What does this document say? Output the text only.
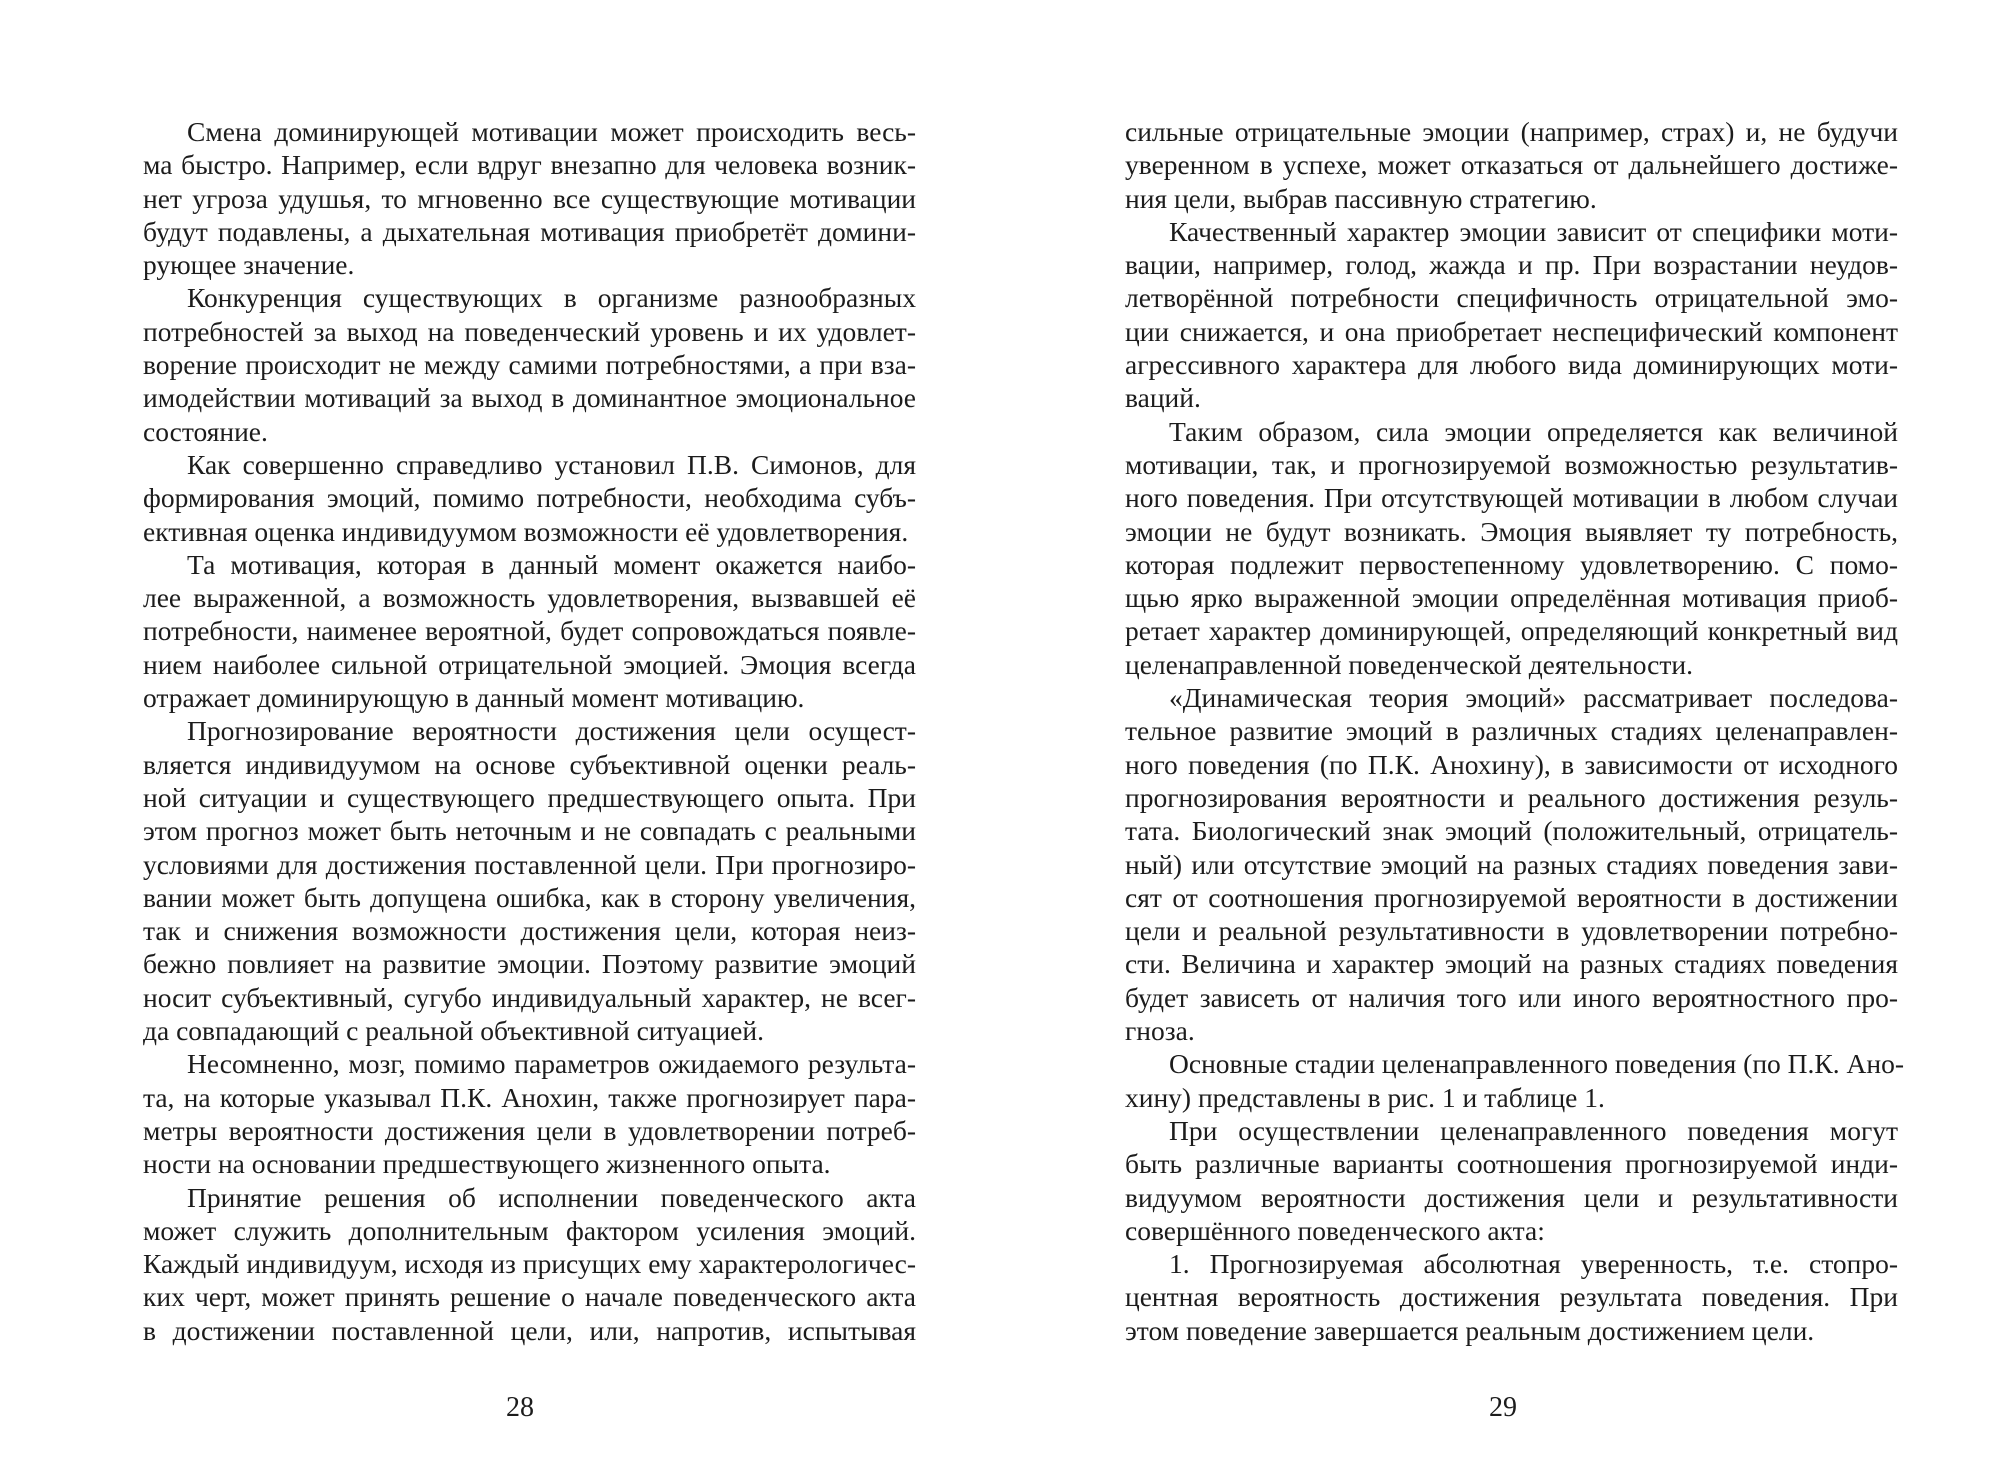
Смена доминирующей мотивации может происходить весь-
ма быстро. Например, если вдруг внезапно для человека возник-
нет угроза удушья, то мгновенно все существующие мотивации
будут подавлены, а дыхательная мотивация приобретёт домини-
рующее значение.

Конкуренция существующих в организме разнообразных
потребностей за выход на поведенческий уровень и их удовлет-
ворение происходит не между самими потребностями, а при вза-
имодействии мотиваций за выход в доминантное эмоциональное
состояние.

Как совершенно справедливо установил П.В. Симонов, для
формирования эмоций, помимо потребности, необходима субъ-
ективная оценка индивидуумом возможности её удовлетворения.

Та мотивация, которая в данный момент окажется наибо-
лее выраженной, а возможность удовлетворения, вызвавшей её
потребности, наименее вероятной, будет сопровождаться появле-
нием наиболее сильной отрицательной эмоцией. Эмоция всегда
отражает доминирующую в данный момент мотивацию.

Прогнозирование вероятности достижения цели осущест-
вляется индивидуумом на основе субъективной оценки реаль-
ной ситуации и существующего предшествующего опыта. При
этом прогноз может быть неточным и не совпадать с реальными
условиями для достижения поставленной цели. При прогнозиро-
вании может быть допущена ошибка, как в сторону увеличения,
так и снижения возможности достижения цели, которая неиз-
бежно повлияет на развитие эмоции. Поэтому развитие эмоций
носит субъективный, сугубо индивидуальный характер, не всег-
да совпадающий с реальной объективной ситуацией.

Несомненно, мозг, помимо параметров ожидаемого результа-
та, на которые указывал П.К. Анохин, также прогнозирует пара-
метры вероятности достижения цели в удовлетворении потреб-
ности на основании предшествующего жизненного опыта.

Принятие решения об исполнении поведенческого акта
может служить дополнительным фактором усиления эмоций.
Каждый индивидуум, исходя из присущих ему характерологичес-
ких черт, может принять решение о начале поведенческого акта
в достижении поставленной цели, или, напротив, испытывая

сильные отрицательные эмоции (например, страх) и, не будучи
уверенном в успехе, может отказаться от дальнейшего достиже-
ния цели, выбрав пассивную стратегию.

Качественный характер эмоции зависит от специфики моти-
вации, например, голод, жажда и пр. При возрастании неудов-
летворённой потребности специфичность отрицательной эмо-
ции снижается, и она приобретает неспецифический компонент
агрессивного характера для любого вида доминирующих моти-
ваций.

Таким образом, сила эмоции определяется как величиной
мотивации, так, и прогнозируемой возможностью результатив-
ного поведения. При отсутствующей мотивации в любом случаи
эмоции не будут возникать. Эмоция выявляет ту потребность,
которая подлежит первостепенному удовлетворению. С помо-
щью ярко выраженной эмоции определённая мотивация приоб-
ретает характер доминирующей, определяющий конкретный вид
целенаправленной поведенческой деятельности.

«Динамическая теория эмоций» рассматривает последова-
тельное развитие эмоций в различных стадиях целенаправлен-
ного поведения (по П.К. Анохину), в зависимости от исходного
прогнозирования вероятности и реального достижения резуль-
тата. Биологический знак эмоций (положительный, отрицатель-
ный) или отсутствие эмоций на разных стадиях поведения зави-
сят от соотношения прогнозируемой вероятности в достижении
цели и реальной результативности в удовлетворении потребно-
сти. Величина и характер эмоций на разных стадиях поведения
будет зависеть от наличия того или иного вероятностного про-
гноза.

Основные стадии целенаправленного поведения (по П.К. Ано-
хину) представлены в рис. 1 и таблице 1.

При осуществлении целенаправленного поведения могут
быть различные варианты соотношения прогнозируемой инди-
видуумом вероятности достижения цели и результативности
совершённого поведенческого акта:

1. Прогнозируемая абсолютная уверенность, т.е. стопро-
центная вероятность достижения результата поведения. При
этом поведение завершается реальным достижением цели.

28	29
